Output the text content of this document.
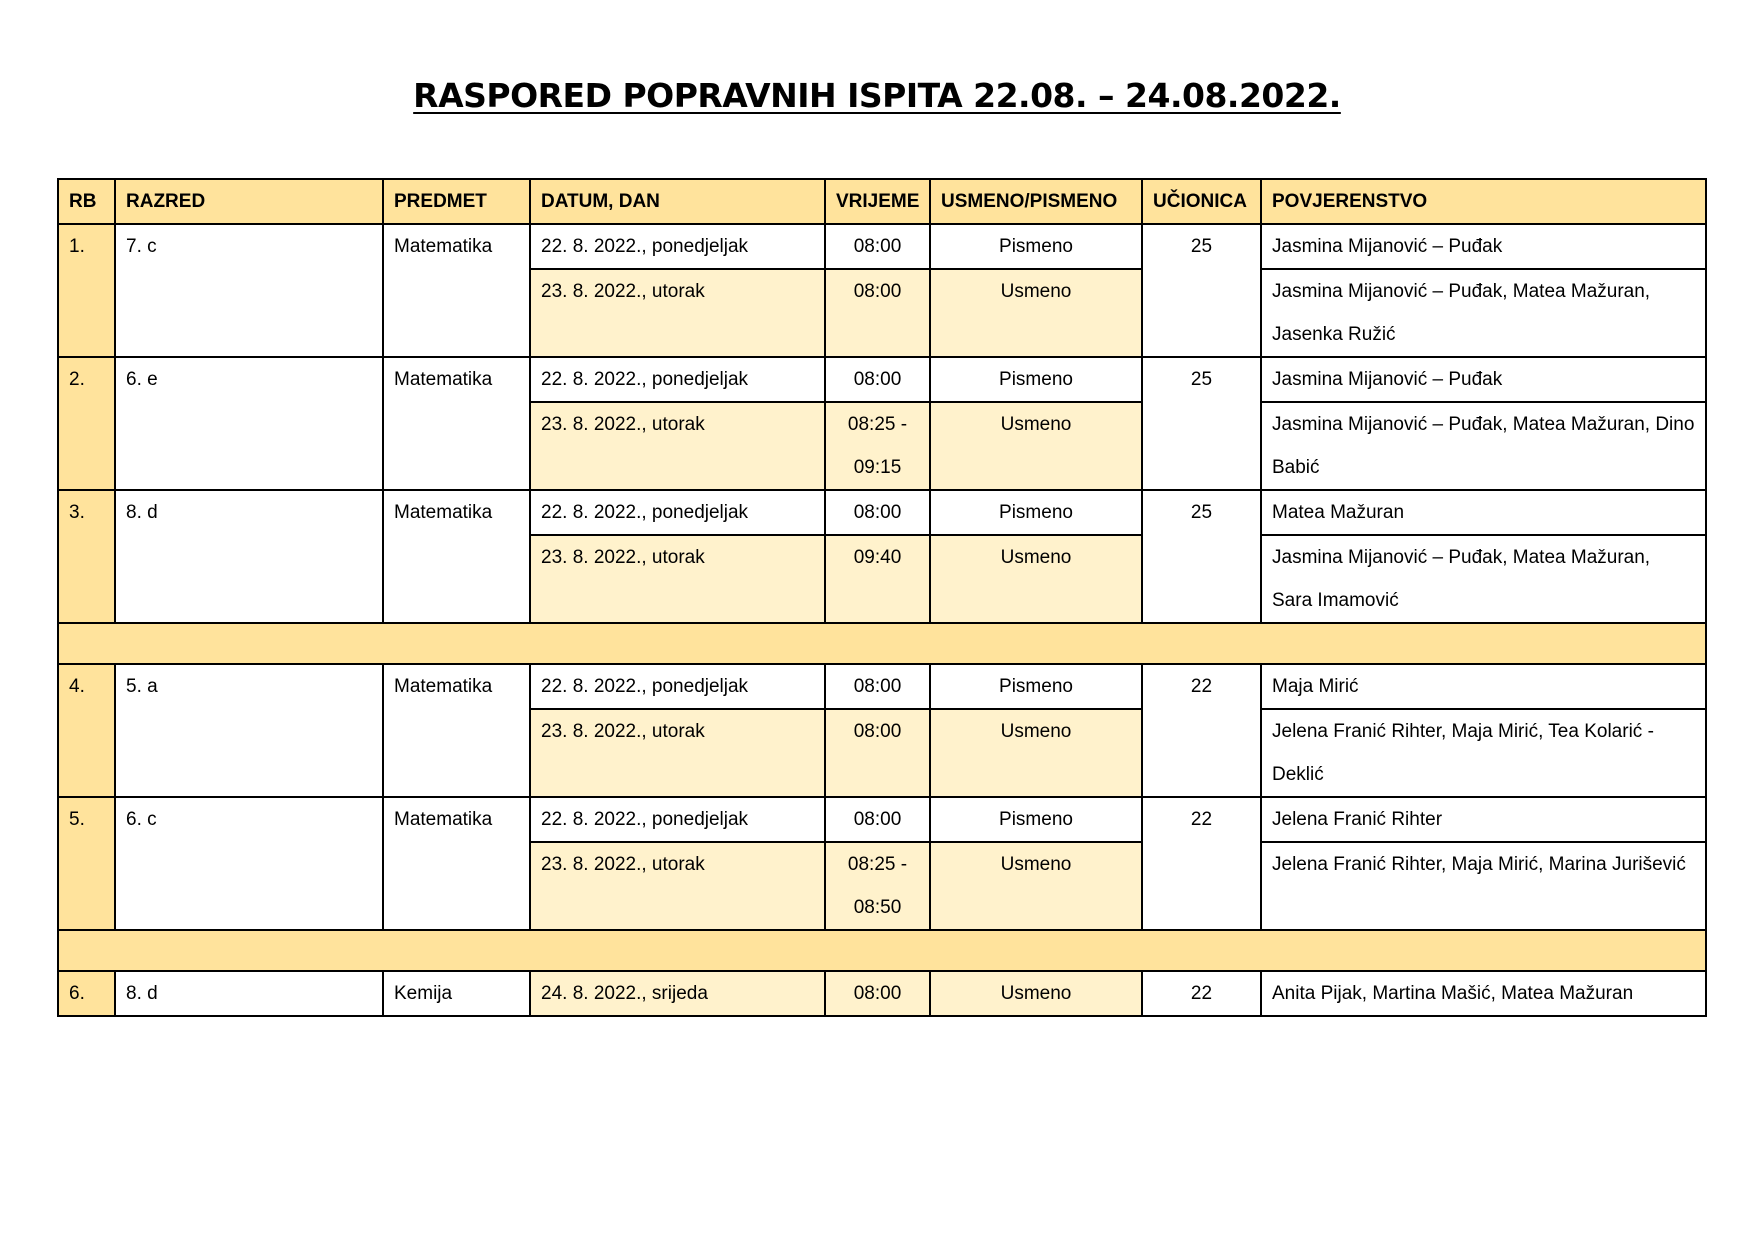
RASPORED POPRAVNIH ISPITA 22.08. – 24.08.2022.
RB	RAZRED	PREDMET	DATUM, DAN	VRIJEME	USMENO/PISMENO	UČIONICA	POVJERENSTVO
1.	7. c	Matematika	22. 8. 2022., ponedjeljak	08:00	Pismeno	25	Jasmina Mijanović – Puđak
			23. 8. 2022., utorak	08:00	Usmeno		Jasmina Mijanović – Puđak, Matea Mažuran, Jasenka Ružić
2.	6. e	Matematika	22. 8. 2022., ponedjeljak	08:00	Pismeno	25	Jasmina Mijanović – Puđak
			23. 8. 2022., utorak	08:25 - 09:15	Usmeno		Jasmina Mijanović – Puđak, Matea Mažuran, Dino Babić
3.	8. d	Matematika	22. 8. 2022., ponedjeljak	08:00	Pismeno	25	Matea Mažuran
			23. 8. 2022., utorak	09:40	Usmeno		Jasmina Mijanović – Puđak, Matea Mažuran, Sara Imamović

4.	5. a	Matematika	22. 8. 2022., ponedjeljak	08:00	Pismeno	22	Maja Mirić
			23. 8. 2022., utorak	08:00	Usmeno		Jelena Franić Rihter, Maja Mirić, Tea Kolarić - Deklić
5.	6. c	Matematika	22. 8. 2022., ponedjeljak	08:00	Pismeno	22	Jelena Franić Rihter
			23. 8. 2022., utorak	08:25 - 08:50	Usmeno		Jelena Franić Rihter, Maja Mirić, Marina Jurišević

6.	8. d	Kemija	24. 8. 2022., srijeda	08:00	Usmeno	22	Anita Pijak, Martina Mašić, Matea Mažuran
